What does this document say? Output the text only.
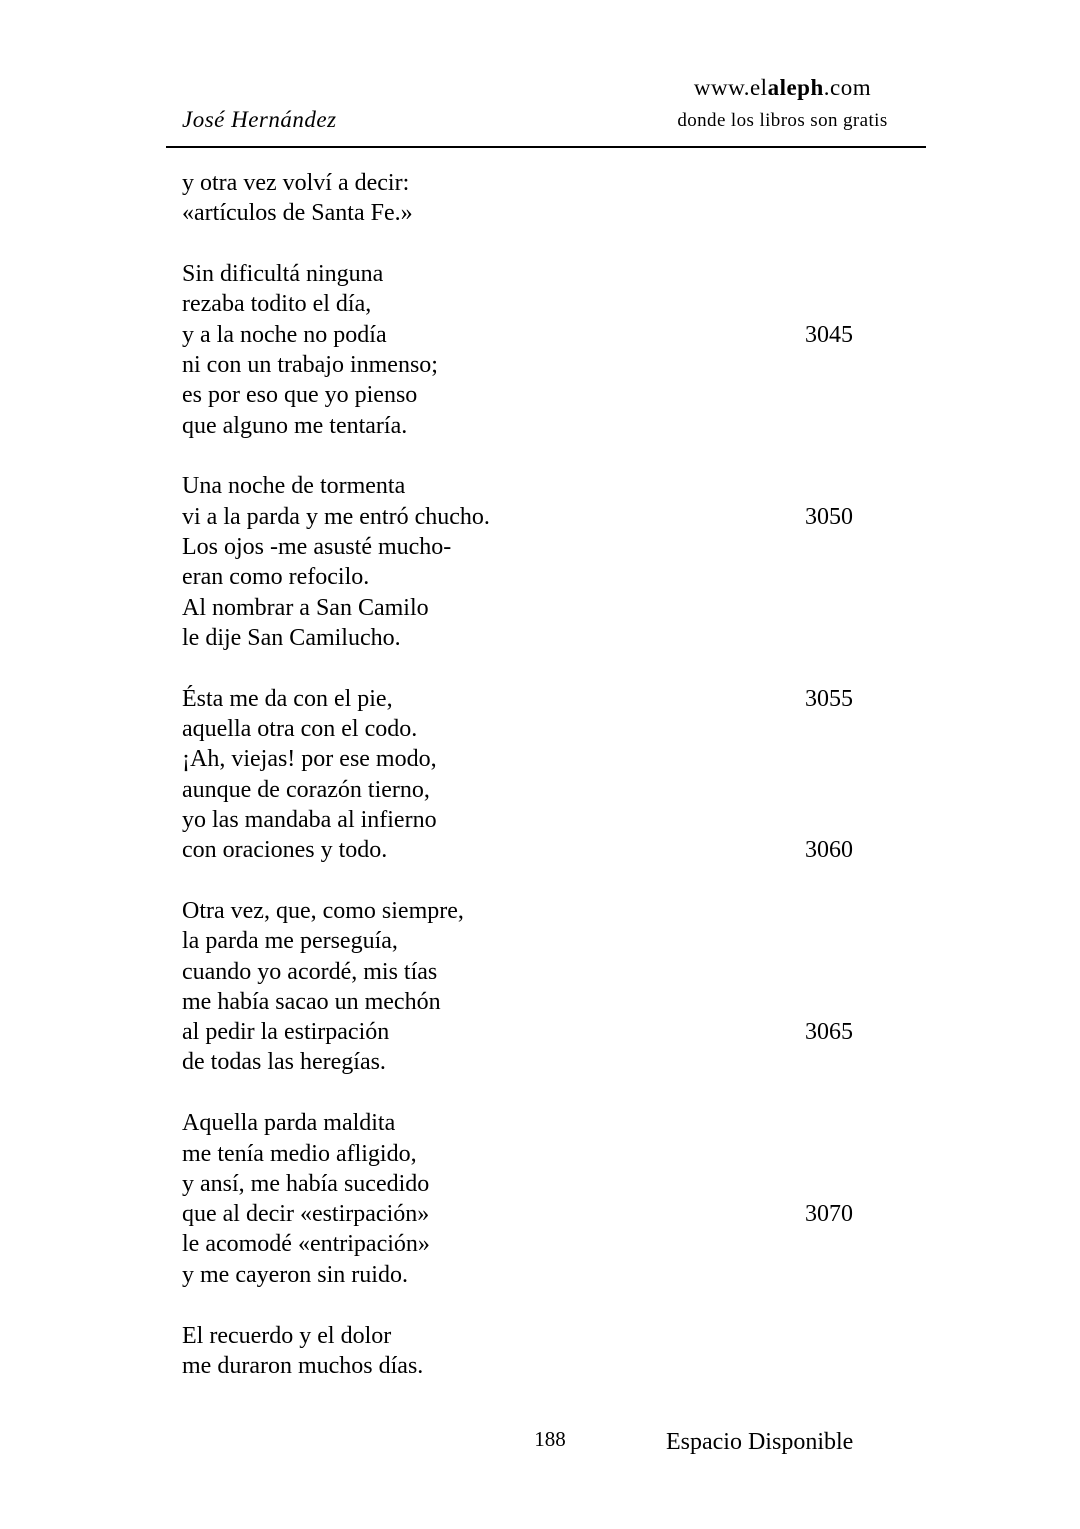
José Hernández
www.el aleph .com
donde los libros son gratis
y otra vez volví a decir:
«artículos de Santa Fe.»
Sin dificultá ninguna
rezaba todito el día,
y a la noche no podía	3045
ni con un trabajo inmenso;
es por eso que yo pienso
que alguno me tentaría.
Una noche de tormenta
vi a la parda y me entró chucho.	3050
Los ojos -me asusté mucho-
eran como refocilo.
Al nombrar a San Camilo
le dije San Camilucho.
Ésta me da con el pie,	3055
aquella otra con el codo.
¡Ah, viejas! por ese modo,
aunque de corazón tierno,
yo las mandaba al infierno
con oraciones y todo.	3060
Otra vez, que, como siempre,
la parda me perseguía,
cuando yo acordé, mis tías
me había sacao un mechón
al pedir la estirpación	3065
de todas las heregías.
Aquella parda maldita
me tenía medio afligido,
y ansí, me había sucedido
que al decir «estirpación»	3070
le acomodé «entripación»
y me cayeron sin ruido.
El recuerdo y el dolor
me duraron muchos días.
188	Espacio Disponible
